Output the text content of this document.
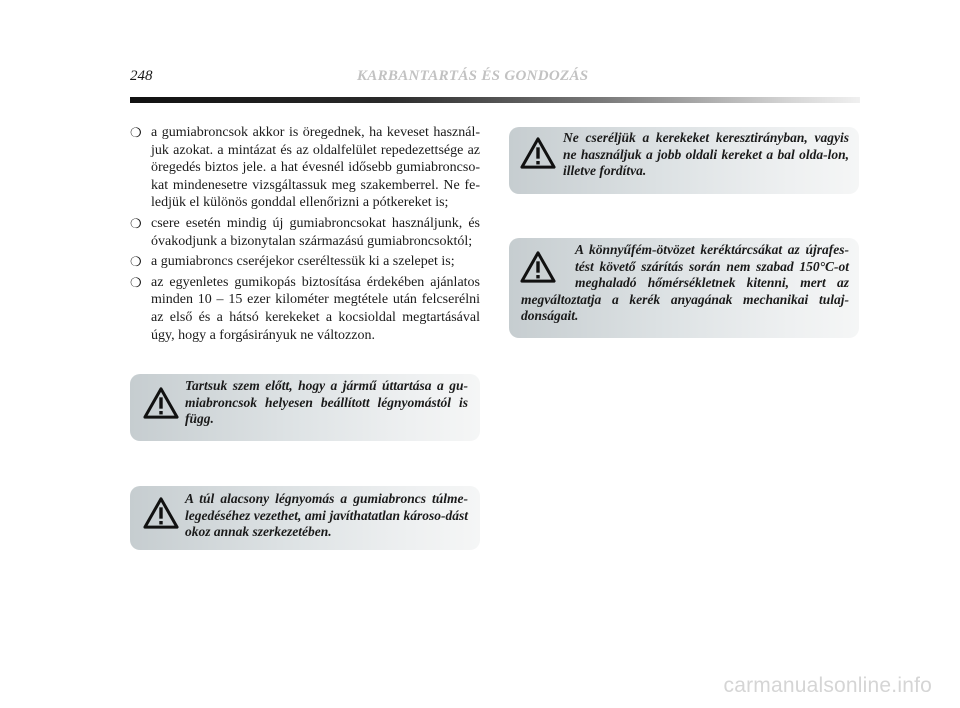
248	KARBANTARTÁS ÉS GONDOZÁS
❍ a gumiabroncsok akkor is öregednek, ha keveset használ-juk azokat. a mintázat és az oldalfelület repedezettsége az öregedés biztos jele. a hat évesnél idősebb gumiabroncso-kat mindenesetre vizsgáltassuk meg szakemberrel. Ne fe-ledjük el különös gonddal ellenőrizni a pótkereket is;
❍ csere esetén mindig új gumiabroncsokat használjunk, és óvakodjunk a bizonytalan származású gumiabroncsoktól;
❍ a gumiabroncs cseréjekor cseréltessük ki a szelepet is;
❍ az egyenletes gumikopás biztosítása érdekében ajánlatos minden 10 – 15 ezer kilométer megtétele után felcserélni az első és a hátsó kerekeket a kocsioldal megtartásával úgy, hogy a forgásirányuk ne változzon.

Tartsuk szem előtt, hogy a jármű úttartása a gu-miabroncsok helyesen beállított légnyomástól is függ.

A túl alacsony légnyomás a gumiabroncs túlme-legedéséhez vezethet, ami javíthatatlan károso-dást okoz annak szerkezetében.

Ne cseréljük a kerekeket keresztirányban, vagyis ne használjuk a jobb oldali kereket a bal olda-lon, illetve fordítva.

A könnyűfém-ötvözet keréktárcsákat az újrafes-tést követő szárítás során nem szabad 150°C-ot meghaladó hőmérsékletnek kitenni, mert az megváltoztatja a kerék anyagának mechanikai tulaj-donságait.
carmanualsonline.info
